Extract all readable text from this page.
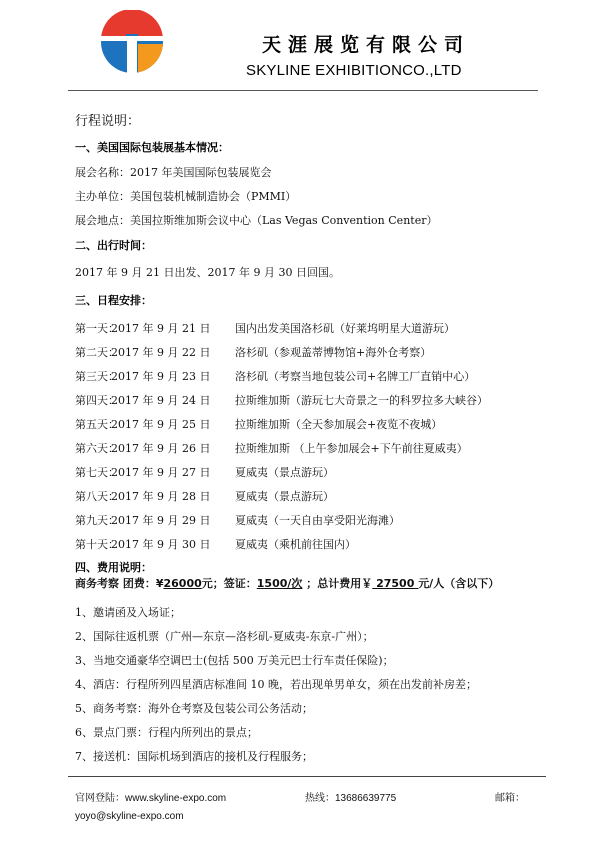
天涯展览有限公司
SKYLINE EXHIBITIONCO.,LTD
行程说明：
一、美国国际包装展基本情况：
展会名称：2017 年美国国际包装展览会
主办单位：美国包装机械制造协会（PMMI）
展会地点：美国拉斯维加斯会议中心（Las Vegas Convention Center）
二、出行时间：
2017 年 9 月 21 日出发、2017 年 9 月 30 日回国。
三、日程安排：
第一天：2017 年 9 月 21 日 国内出发美国洛杉矶（好莱坞明星大道游玩）
第二天：2017 年 9 月 22 日 洛杉矶（参观盖蒂博物馆+海外仓考察）
第三天：2017 年 9 月 23 日 洛杉矶（考察当地包装公司+名牌工厂直销中心）
第四天：2017 年 9 月 24 日 拉斯维加斯（游玩七大奇景之一的科罗拉多大峡谷）
第五天：2017 年 9 月 25 日 拉斯维加斯（全天参加展会+夜览不夜城）
第六天：2017 年 9 月 26 日 拉斯维加斯 （上午参加展会+下午前往夏威夷）
第七天：2017 年 9 月 27 日 夏威夷（景点游玩）
第八天：2017 年 9 月 28 日 夏威夷（景点游玩）
第九天：2017 年 9 月 29 日 夏威夷（一天自由享受阳光海滩）
第十天：2017 年 9 月 30 日 夏威夷（乘机前往国内）
四、费用说明：
商务考察 团费：¥26000元；签证：1500/次 ；总计费用￥ 27500 元/人（含以下）
1、邀请函及入场证；
2、国际往返机票（广州—东京—洛杉矶-夏威夷-东京-广州）；
3、当地交通豪华空调巴士(包括 500 万美元巴士行车责任保险)；
4、酒店：行程所列四星酒店标准间 10 晚，若出现单男单女，须在出发前补房差；
5、商务考察：海外仓考察及包装公司公务活动；
6、景点门票：行程内所列出的景点；
7、接送机：国际机场到酒店的接机及行程服务；
官网登陆：www.skyline-expo.com	热线：13686639775	邮箱：
yoyo@skyline-expo.com
